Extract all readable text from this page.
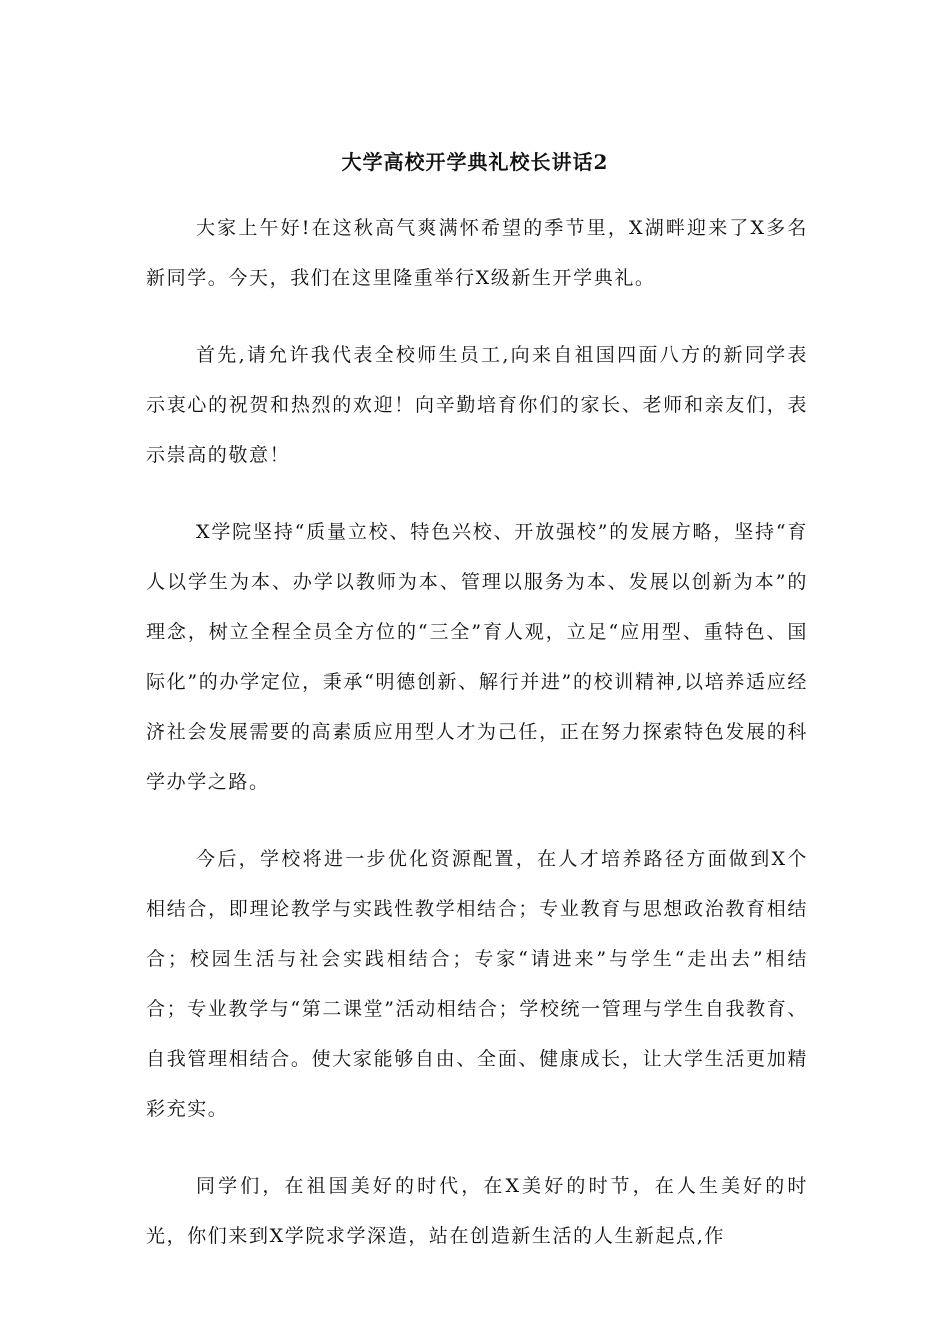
大学高校开学典礼校长讲话2

大家上午好!在这秋高气爽满怀希望的季节里，X湖畔迎来了X多名新同学。今天，我们在这里隆重举行X级新生开学典礼。

首先,请允许我代表全校师生员工,向来自祖国四面八方的新同学表示衷心的祝贺和热烈的欢迎！向辛勤培育你们的家长、老师和亲友们，表示崇高的敬意！

X学院坚持“质量立校、特色兴校、开放强校”的发展方略，坚持“育人以学生为本、办学以教师为本、管理以服务为本、发展以创新为本”的理念，树立全程全员全方位的“三全”育人观，立足“应用型、重特色、国际化”的办学定位，秉承“明德创新、解行并进”的校训精神,以培养适应经济社会发展需要的高素质应用型人才为己任，正在努力探索特色发展的科学办学之路。

今后，学校将进一步优化资源配置，在人才培养路径方面做到X个相结合，即理论教学与实践性教学相结合；专业教育与思想政治教育相结合；校园生活与社会实践相结合；专家“请进来”与学生“走出去”相结合；专业教学与“第二课堂”活动相结合；学校统一管理与学生自我教育、自我管理相结合。使大家能够自由、全面、健康成长，让大学生活更加精彩充实。

同学们，在祖国美好的时代，在X美好的时节，在人生美好的时光，你们来到X学院求学深造，站在创造新生活的人生新起点,作
